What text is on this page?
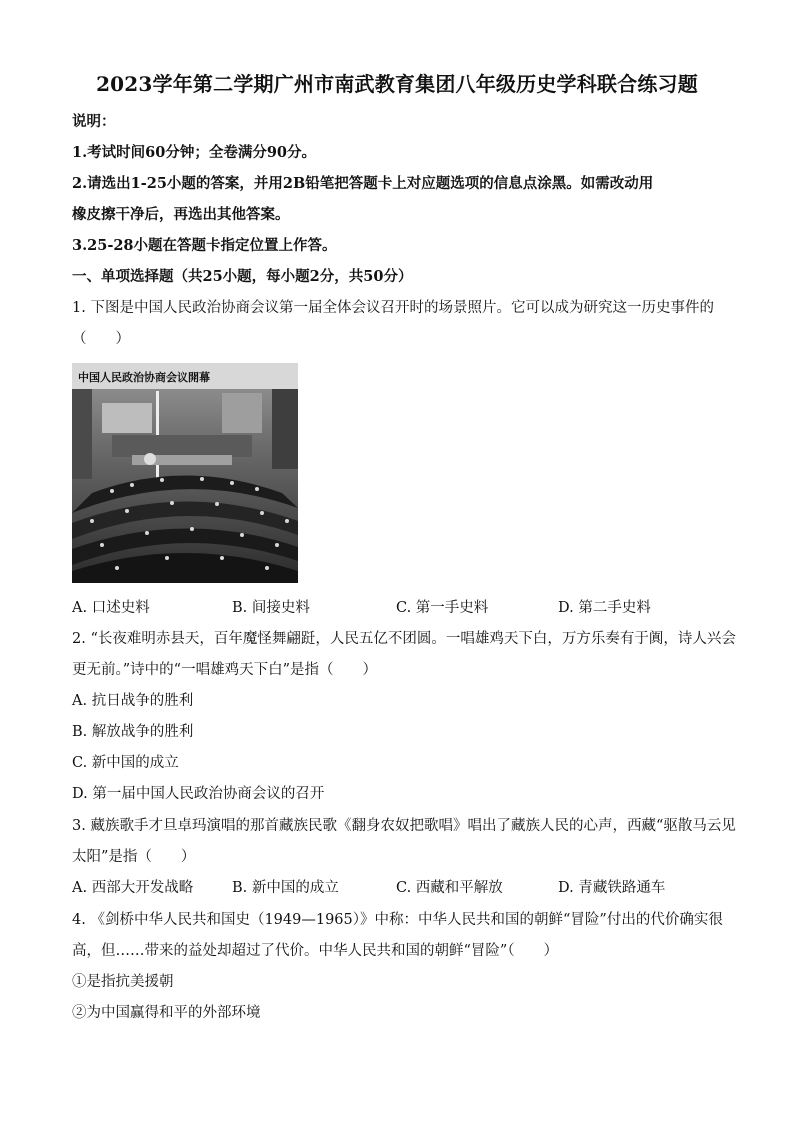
2023学年第二学期广州市南武教育集团八年级历史学科联合练习题
说明：
1.考试时间60分钟；全卷满分90分。
2.请选出1-25小题的答案，并用2B铅笔把答题卡上对应题选项的信息点涂黑。如需改动用
橡皮擦干净后，再选出其他答案。
3.25-28小题在答题卡指定位置上作答。
一、单项选择题（共25小题，每小题2分，共50分）
1. 下图是中国人民政治协商会议第一届全体会议召开时的场景照片。它可以成为研究这一历史事件的
（　　）
中国人民政治协商会议開幕
A. 口述史料	B. 间接史料	C. 第一手史料	D. 第二手史料
2. “长夜难明赤县天，百年魔怪舞翩跹，人民五亿不团圆。一唱雄鸡天下白，万方乐奏有于阗，诗人兴会
更无前。”诗中的“一唱雄鸡天下白”是指（　　）
A. 抗日战争的胜利
B. 解放战争的胜利
C. 新中国的成立
D. 第一届中国人民政治协商会议的召开
3. 藏族歌手才旦卓玛演唱的那首藏族民歌《翻身农奴把歌唱》唱出了藏族人民的心声，西藏“驱散马云见
太阳”是指（　　）
A. 西部大开发战略	B. 新中国的成立	C. 西藏和平解放	D. 青藏铁路通车
4. 《剑桥中华人民共和国史（1949—1965）》中称：中华人民共和国的朝鲜“冒险”付出的代价确实很
高，但……带来的益处却超过了代价。中华人民共和国的朝鲜“冒险”（　　）
①是指抗美援朝
②为中国赢得和平的外部环境
